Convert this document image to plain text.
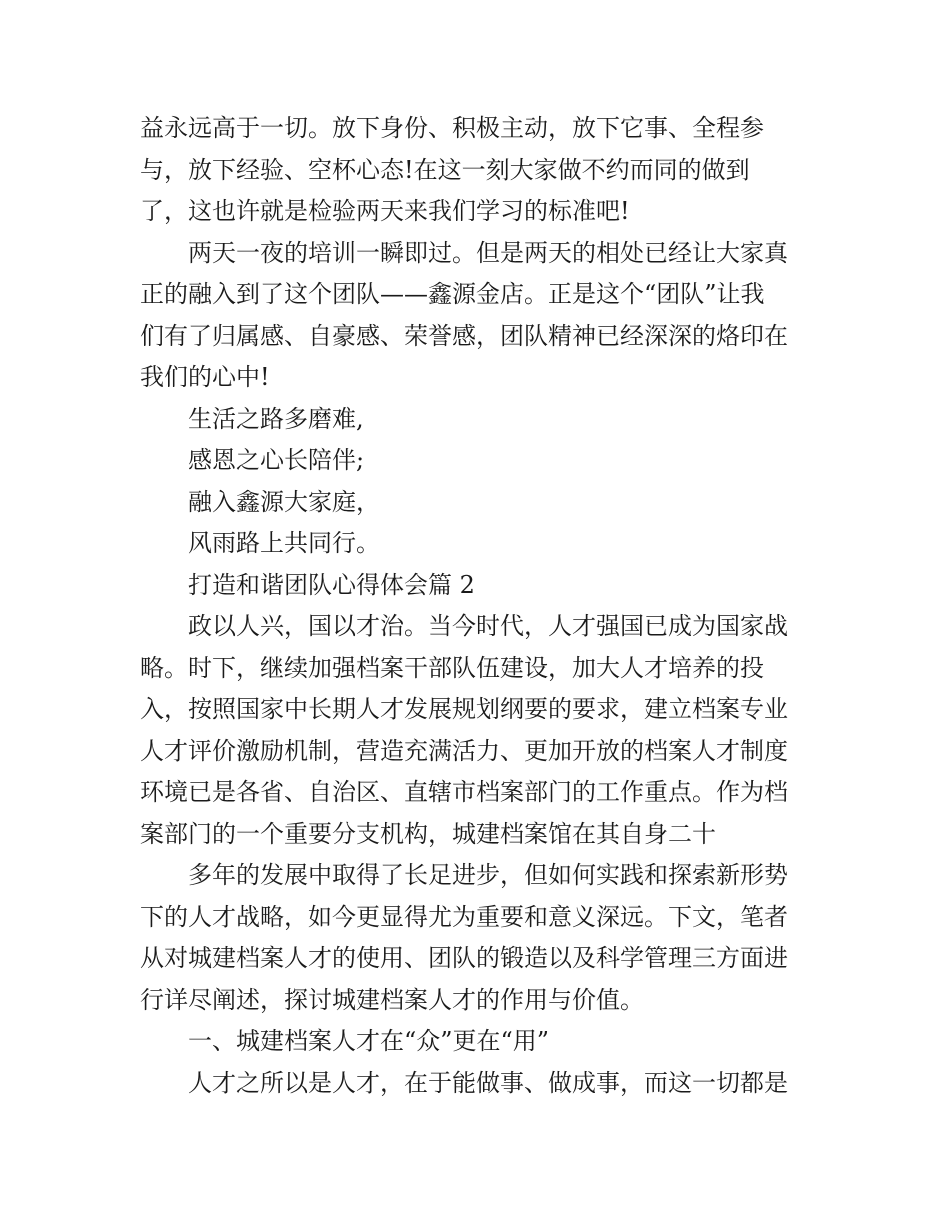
益永远高于一切。放下身份、积极主动，放下它事、全程参
与，放下经验、空杯心态!在这一刻大家做不约而同的做到
了，这也许就是检验两天来我们学习的标准吧!
两天一夜的培训一瞬即过。但是两天的相处已经让大家真
正的融入到了这个团队——鑫源金店。正是这个“团队”让我
们有了归属感、自豪感、荣誉感，团队精神已经深深的烙印在
我们的心中!
生活之路多磨难,
感恩之心长陪伴;
融入鑫源大家庭，
风雨路上共同行。
打造和谐团队心得体会篇 2
政以人兴，国以才治。当今时代，人才强国已成为国家战
略。时下，继续加强档案干部队伍建设，加大人才培养的投
入，按照国家中长期人才发展规划纲要的要求，建立档案专业
人才评价激励机制，营造充满活力、更加开放的档案人才制度
环境已是各省、自治区、直辖市档案部门的工作重点。作为档
案部门的一个重要分支机构，城建档案馆在其自身二十
多年的发展中取得了长足进步，但如何实践和探索新形势
下的人才战略，如今更显得尤为重要和意义深远。下文，笔者
从对城建档案人才的使用、团队的锻造以及科学管理三方面进
行详尽阐述，探讨城建档案人才的作用与价值。
一、城建档案人才在“众”更在“用”
人才之所以是人才，在于能做事、做成事，而这一切都是
